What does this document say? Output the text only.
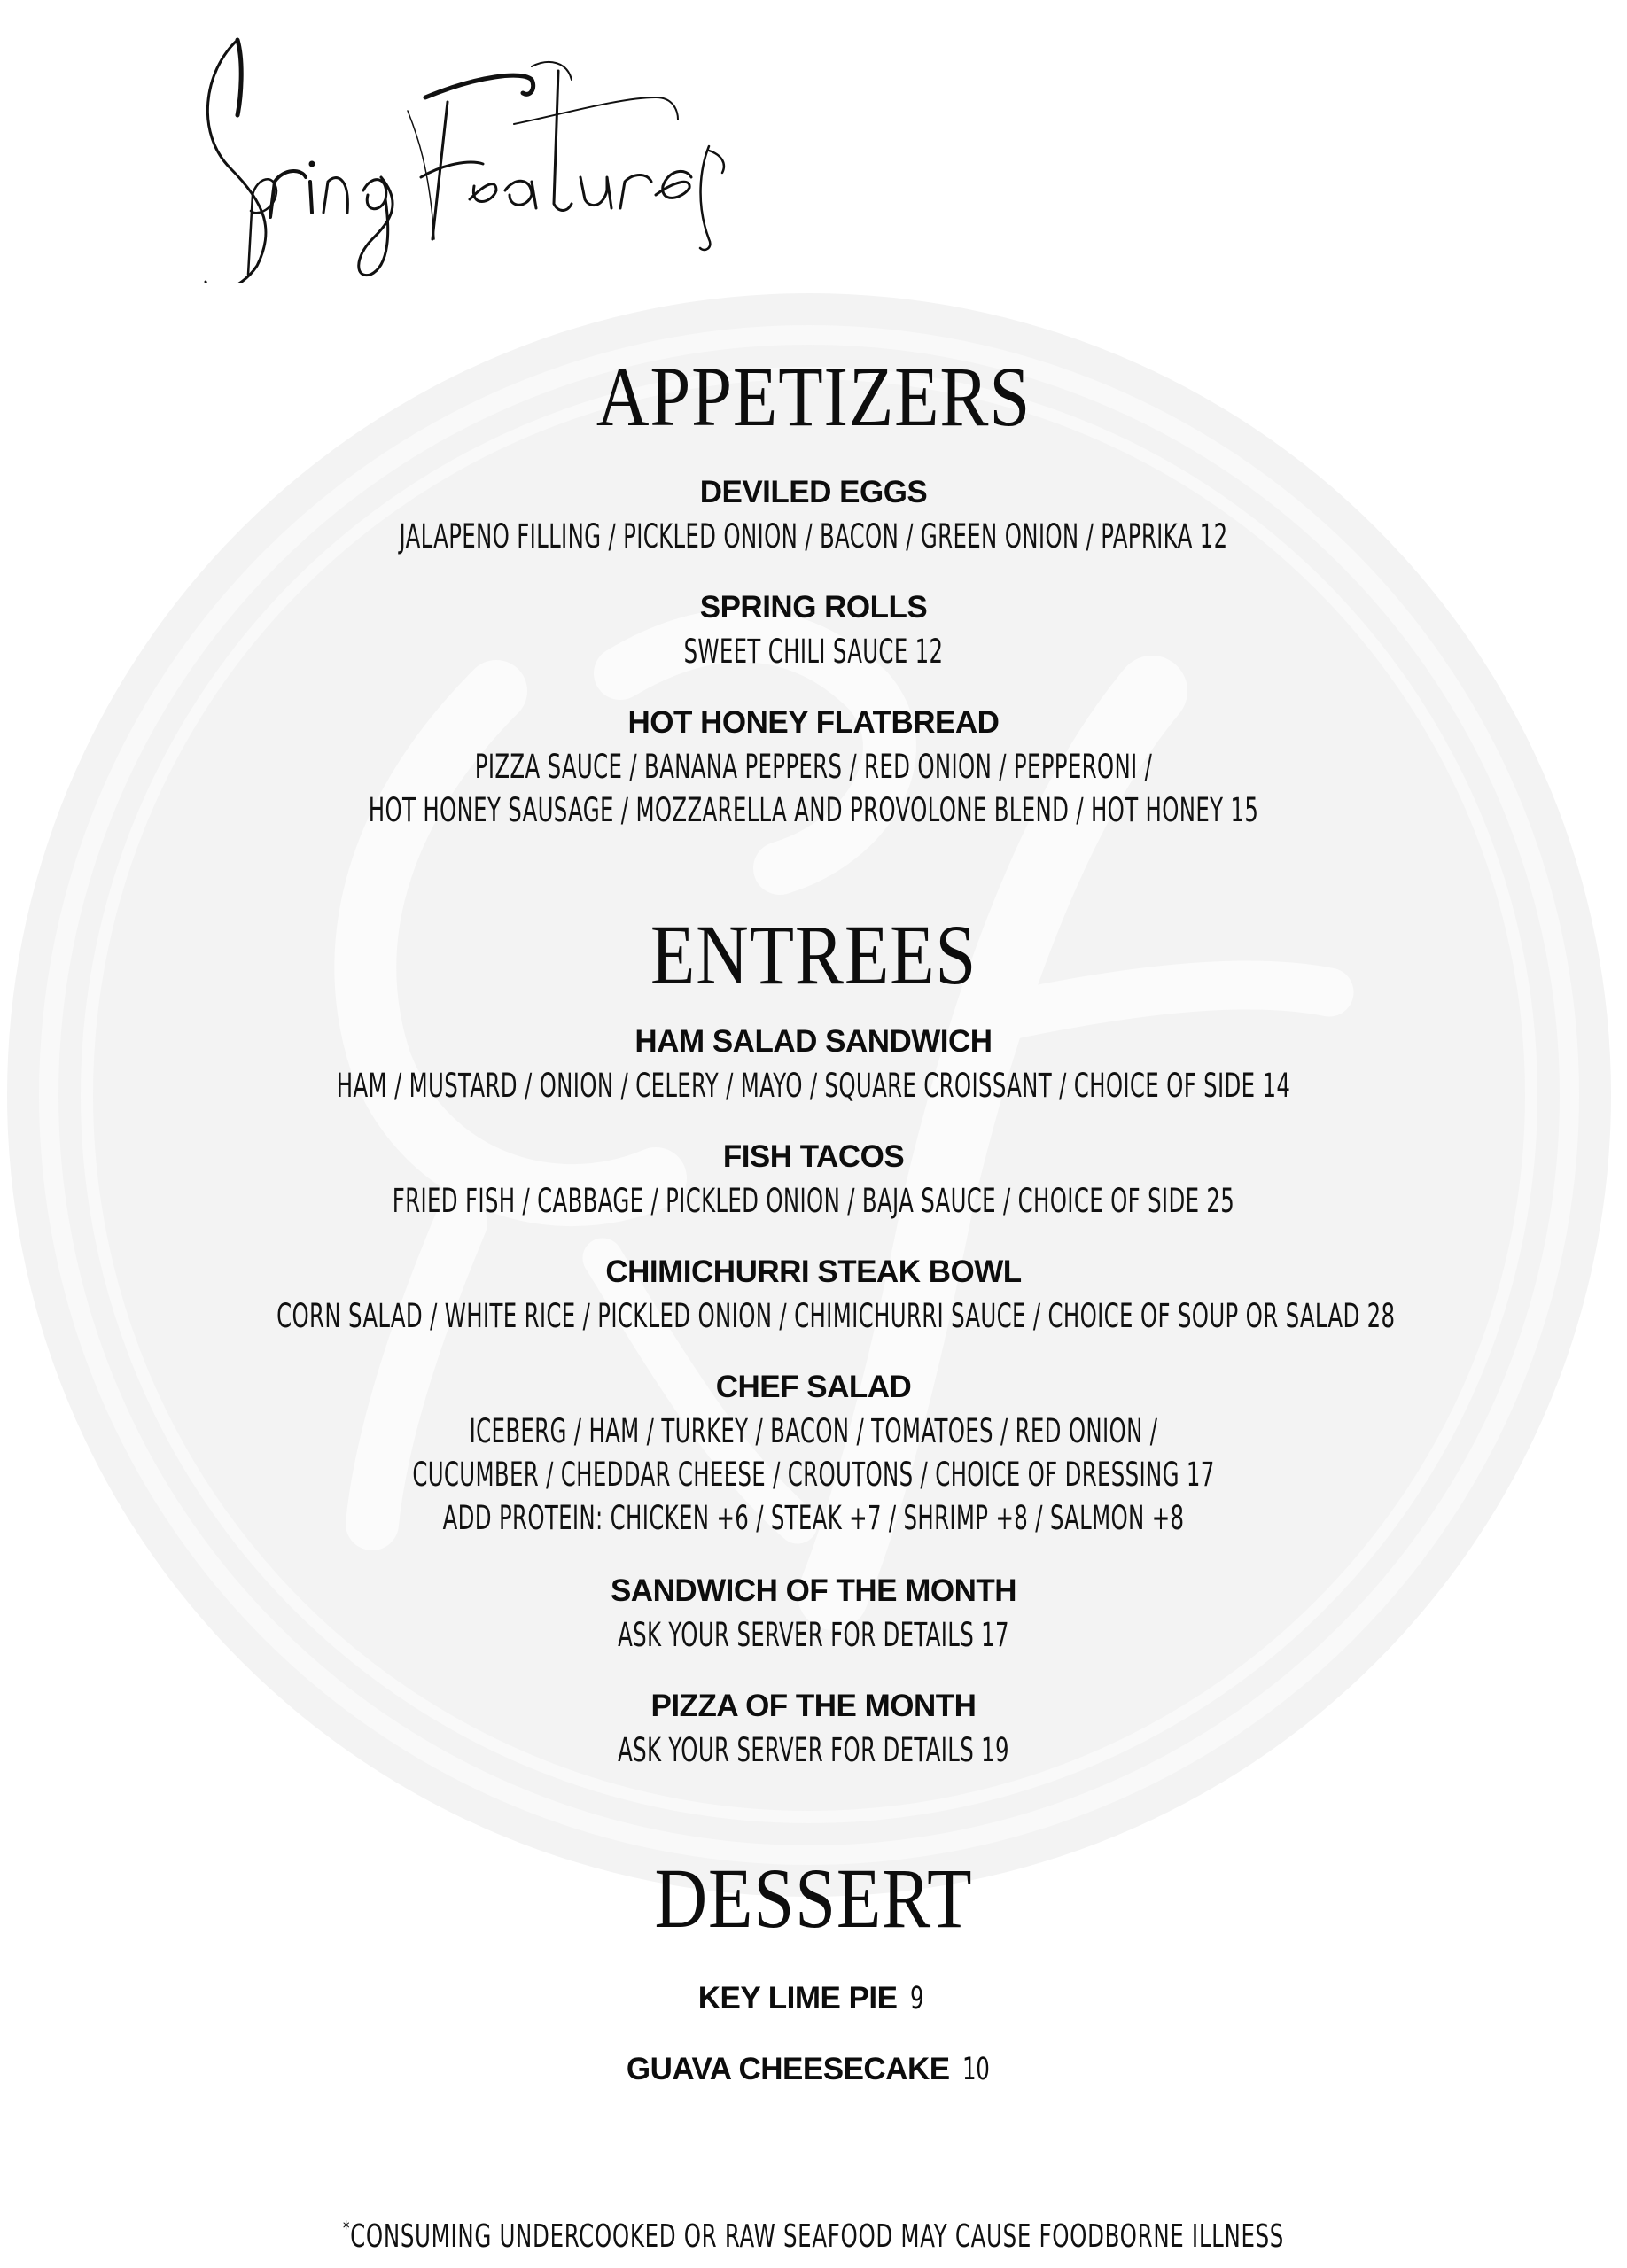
APPETIZERS
DEVILED EGGS
JALAPENO FILLING / PICKLED ONION / BACON / GREEN ONION / PAPRIKA 12
SPRING ROLLS
SWEET CHILI SAUCE 12
HOT HONEY FLATBREAD
PIZZA SAUCE / BANANA PEPPERS / RED ONION / PEPPERONI /
HOT HONEY SAUSAGE / MOZZARELLA AND PROVOLONE BLEND / HOT HONEY 15
ENTREES
HAM SALAD SANDWICH
HAM / MUSTARD / ONION / CELERY / MAYO / SQUARE CROISSANT / CHOICE OF SIDE 14
FISH TACOS
FRIED FISH / CABBAGE / PICKLED ONION / BAJA SAUCE / CHOICE OF SIDE 25
CHIMICHURRI STEAK BOWL
CORN SALAD / WHITE RICE / PICKLED ONION / CHIMICHURRI SAUCE / CHOICE OF SOUP OR SALAD 28
CHEF SALAD
ICEBERG / HAM / TURKEY / BACON / TOMATOES / RED ONION /
CUCUMBER / CHEDDAR CHEESE / CROUTONS / CHOICE OF DRESSING 17
ADD PROTEIN: CHICKEN +6 / STEAK +7 / SHRIMP +8 / SALMON +8
SANDWICH OF THE MONTH
ASK YOUR SERVER FOR DETAILS 17
PIZZA OF THE MONTH
ASK YOUR SERVER FOR DETAILS 19
DESSERT
KEY LIME PIE 9
GUAVA CHEESECAKE 10
*CONSUMING UNDERCOOKED OR RAW SEAFOOD MAY CAUSE FOODBORNE ILLNESS
